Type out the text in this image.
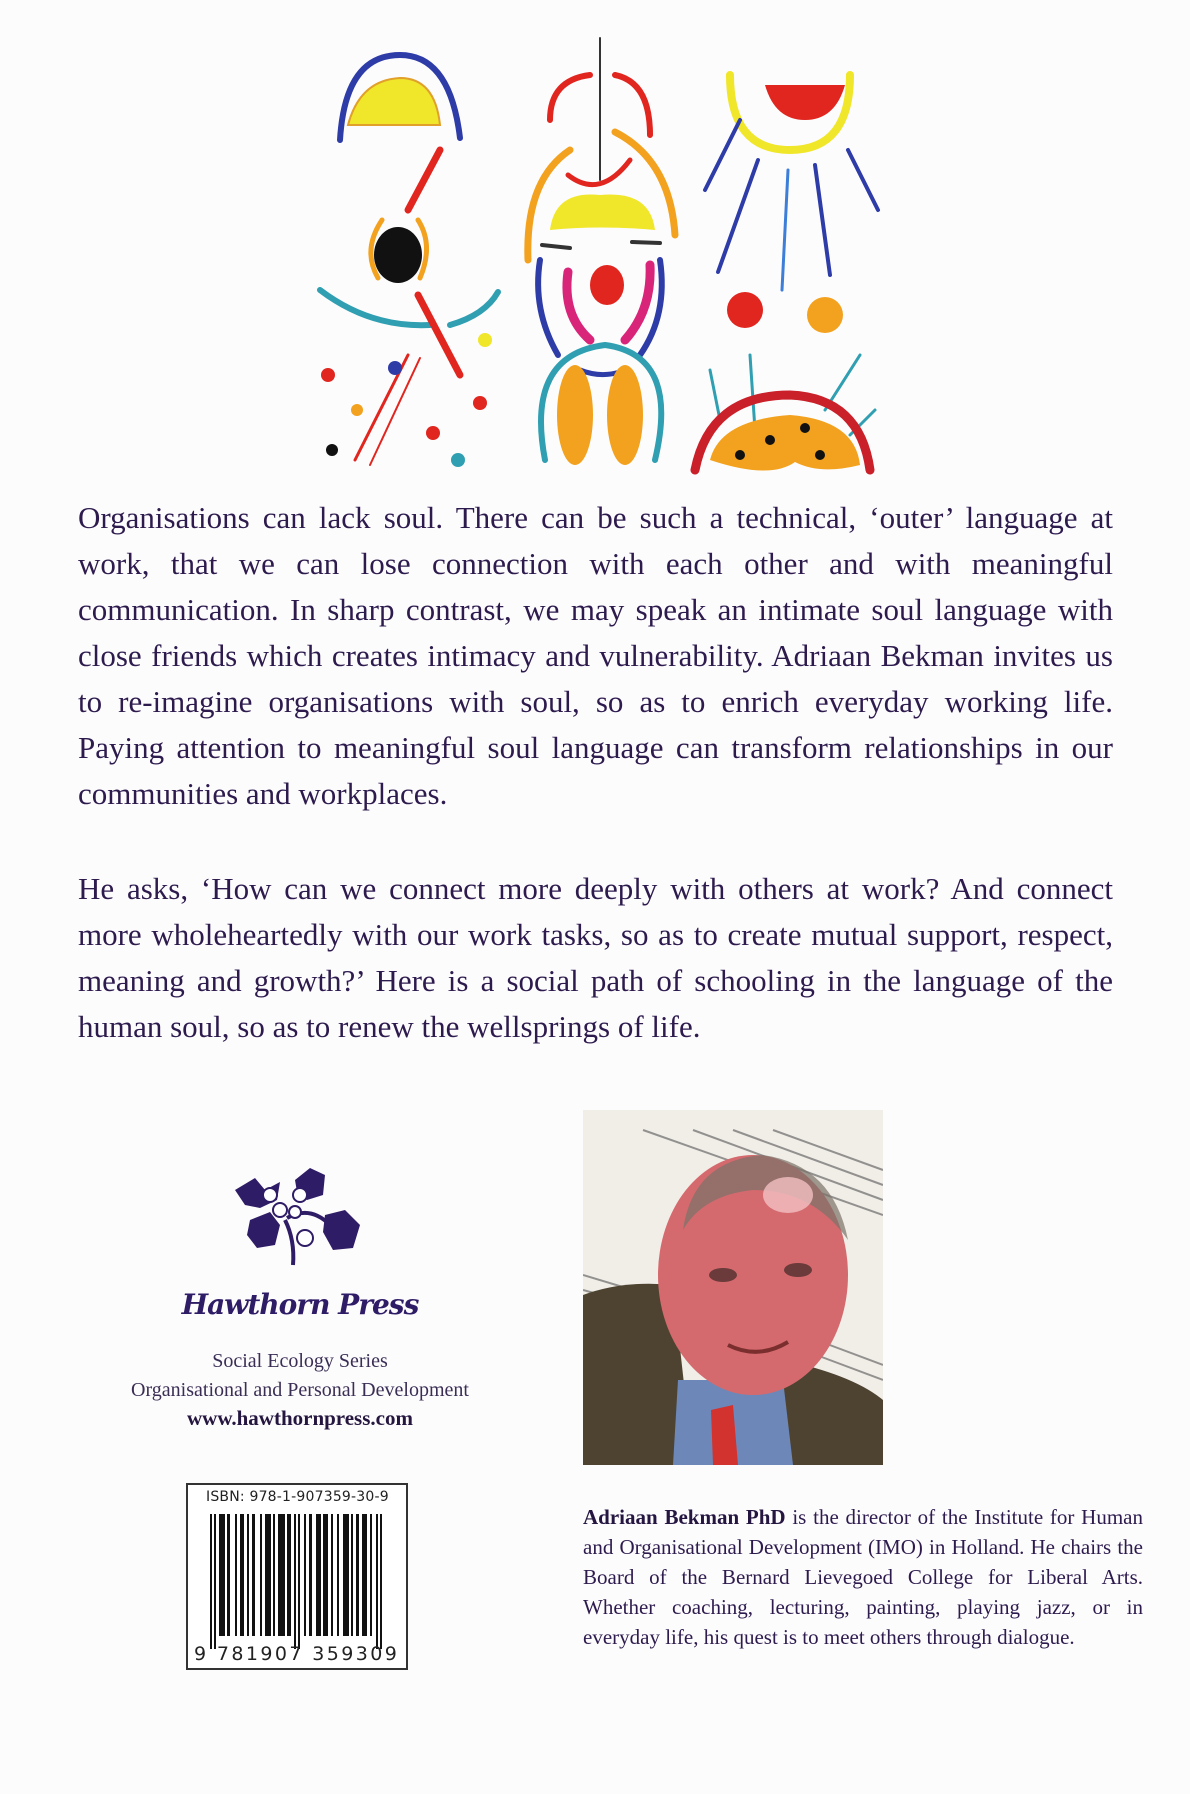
Organisations can lack soul. There can be such a technical, ‘outer’ language at work, that we can lose connection with each other and with meaningful communication. In sharp contrast, we may speak an intimate soul language with close friends which creates intimacy and vulnerability. Adriaan Bekman invites us to re-imagine organisations with soul, so as to enrich everyday working life. Paying attention to meaningful soul language can transform relationships in our communities and workplaces.

He asks, ‘How can we connect more deeply with others at work? And connect more wholeheartedly with our work tasks, so as to create mutual support, respect, meaning and growth?’ Here is a social path of schooling in the language of the human soul, so as to renew the wellsprings of life.

Hawthorn Press
Social Ecology Series
Organisational and Personal Development
www.hawthornpress.com
ISBN: 978-1-907359-30-9
9 781907 359309
Adriaan Bekman PhD is the director of the Institute for Human and Organisational Development (IMO) in Holland. He chairs the Board of the Bernard Lievegoed College for Liberal Arts. Whether coaching, lecturing, painting, playing jazz, or in everyday life, his quest is to meet others through dialogue.
